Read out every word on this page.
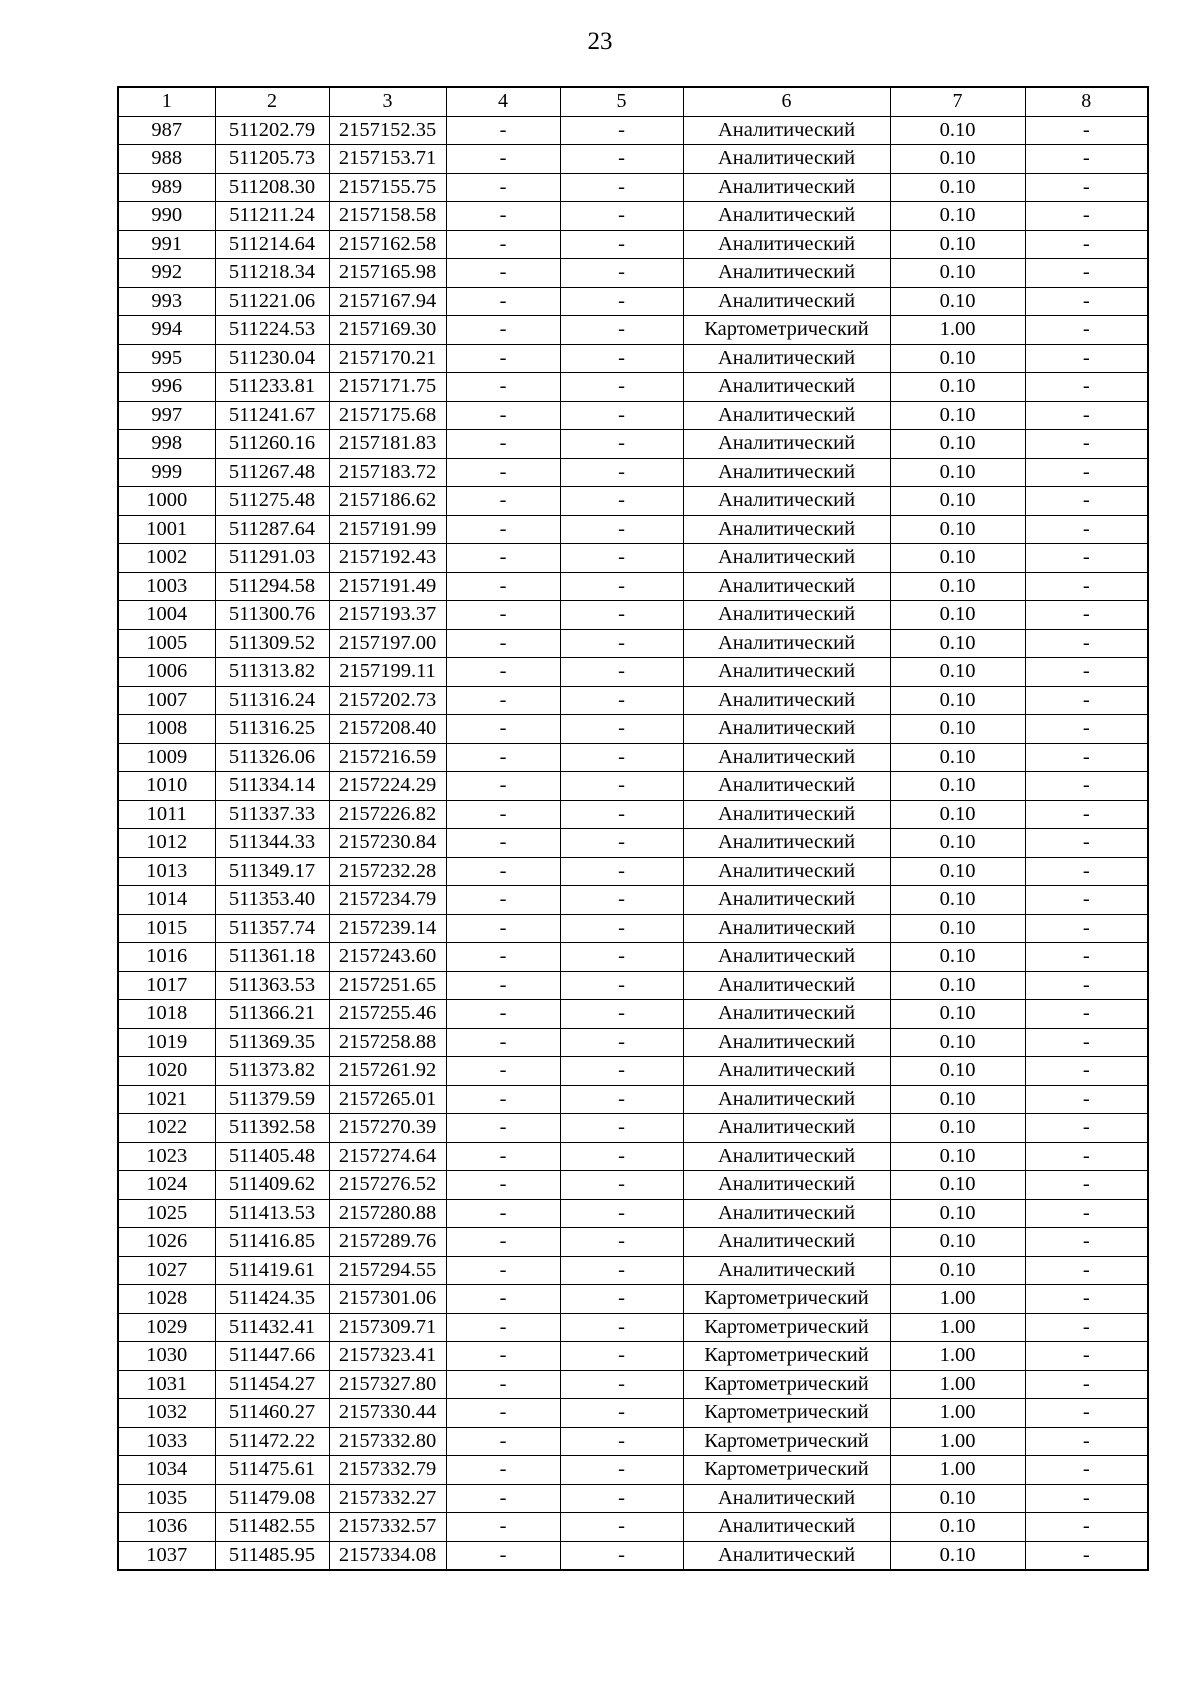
23
1	2	3	4	5	6	7	8
987	511202.79	2157152.35	-	-	Аналитический	0.10	-
988	511205.73	2157153.71	-	-	Аналитический	0.10	-
989	511208.30	2157155.75	-	-	Аналитический	0.10	-
990	511211.24	2157158.58	-	-	Аналитический	0.10	-
991	511214.64	2157162.58	-	-	Аналитический	0.10	-
992	511218.34	2157165.98	-	-	Аналитический	0.10	-
993	511221.06	2157167.94	-	-	Аналитический	0.10	-
994	511224.53	2157169.30	-	-	Картометрический	1.00	-
995	511230.04	2157170.21	-	-	Аналитический	0.10	-
996	511233.81	2157171.75	-	-	Аналитический	0.10	-
997	511241.67	2157175.68	-	-	Аналитический	0.10	-
998	511260.16	2157181.83	-	-	Аналитический	0.10	-
999	511267.48	2157183.72	-	-	Аналитический	0.10	-
1000	511275.48	2157186.62	-	-	Аналитический	0.10	-
1001	511287.64	2157191.99	-	-	Аналитический	0.10	-
1002	511291.03	2157192.43	-	-	Аналитический	0.10	-
1003	511294.58	2157191.49	-	-	Аналитический	0.10	-
1004	511300.76	2157193.37	-	-	Аналитический	0.10	-
1005	511309.52	2157197.00	-	-	Аналитический	0.10	-
1006	511313.82	2157199.11	-	-	Аналитический	0.10	-
1007	511316.24	2157202.73	-	-	Аналитический	0.10	-
1008	511316.25	2157208.40	-	-	Аналитический	0.10	-
1009	511326.06	2157216.59	-	-	Аналитический	0.10	-
1010	511334.14	2157224.29	-	-	Аналитический	0.10	-
1011	511337.33	2157226.82	-	-	Аналитический	0.10	-
1012	511344.33	2157230.84	-	-	Аналитический	0.10	-
1013	511349.17	2157232.28	-	-	Аналитический	0.10	-
1014	511353.40	2157234.79	-	-	Аналитический	0.10	-
1015	511357.74	2157239.14	-	-	Аналитический	0.10	-
1016	511361.18	2157243.60	-	-	Аналитический	0.10	-
1017	511363.53	2157251.65	-	-	Аналитический	0.10	-
1018	511366.21	2157255.46	-	-	Аналитический	0.10	-
1019	511369.35	2157258.88	-	-	Аналитический	0.10	-
1020	511373.82	2157261.92	-	-	Аналитический	0.10	-
1021	511379.59	2157265.01	-	-	Аналитический	0.10	-
1022	511392.58	2157270.39	-	-	Аналитический	0.10	-
1023	511405.48	2157274.64	-	-	Аналитический	0.10	-
1024	511409.62	2157276.52	-	-	Аналитический	0.10	-
1025	511413.53	2157280.88	-	-	Аналитический	0.10	-
1026	511416.85	2157289.76	-	-	Аналитический	0.10	-
1027	511419.61	2157294.55	-	-	Аналитический	0.10	-
1028	511424.35	2157301.06	-	-	Картометрический	1.00	-
1029	511432.41	2157309.71	-	-	Картометрический	1.00	-
1030	511447.66	2157323.41	-	-	Картометрический	1.00	-
1031	511454.27	2157327.80	-	-	Картометрический	1.00	-
1032	511460.27	2157330.44	-	-	Картометрический	1.00	-
1033	511472.22	2157332.80	-	-	Картометрический	1.00	-
1034	511475.61	2157332.79	-	-	Картометрический	1.00	-
1035	511479.08	2157332.27	-	-	Аналитический	0.10	-
1036	511482.55	2157332.57	-	-	Аналитический	0.10	-
1037	511485.95	2157334.08	-	-	Аналитический	0.10	-
